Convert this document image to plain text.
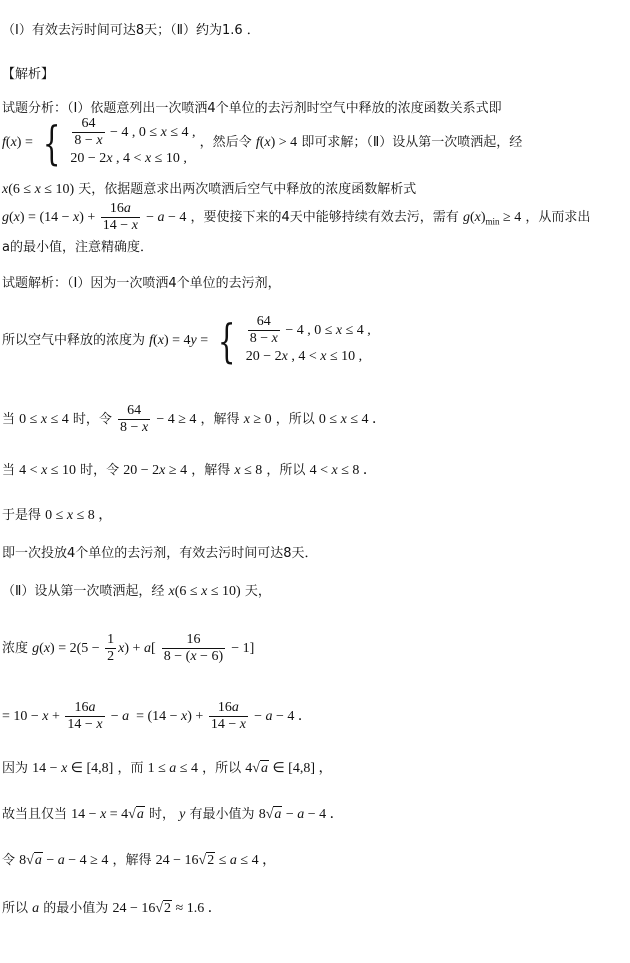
（Ⅰ）有效去污时间可达8天；（Ⅱ）约为1.6 ．
【解析】
试题分析：（Ⅰ）依题意列出一次喷洒4个单位的去污剂时空气中释放的浓度函数关系式即
f(x) = { $\frac{64}{8 - x} - 4$ , 0 ≤ x ≤ 4 ,
20 − 2x , 4 < x ≤ 10 ,
，然后令 f(x) > 4 即可求解；（Ⅱ）设从第一次喷洒起，经
x(6 ≤ x ≤ 10) 天，依据题意求出两次喷洒后空气中释放的浓度函数解析式
$g(x) = (14 - x) + \frac{16a}{14 - x} - a - 4$ ，要使接下来的4天中能够持续有效去污，需有 $g(x)_{min} \ge 4$ ，从而求出
a的最小值，注意精确度．
试题解析：（Ⅰ）因为一次喷洒4个单位的去污剂，
所以空气中释放的浓度为 f(x) = 4y = { $\frac{64}{8 - x} - 4$ , 0 ≤ x ≤ 4 ,
20 − 2x , 4 < x ≤ 10 ,
当 0 ≤ x ≤ 4 时，令 $\frac{64}{8 - x} - 4 \ge 4$ ，解得 x ≥ 0 ，所以 0 ≤ x ≤ 4 ．
当 4 < x ≤ 10 时，令 20 − 2x ≥ 4 ，解得 x ≤ 8 ，所以 4 < x ≤ 8 ．
于是得 0 ≤ x ≤ 8 ，
即一次投放4个单位的去污剂，有效去污时间可达8天．
（Ⅱ）设从第一次喷洒起，经 x(6 ≤ x ≤ 10) 天，
浓度 $g(x) = 2(5 - \frac{1}{2} x) + a[ \frac{16}{8 - (x - 6)} - 1]$
= $10 - x + \frac{16a}{14 - x} - a = (14 - x) + \frac{16a}{14 - x} - a - 4$ ．
因为 14 − x ∈ [4,8] ，而 1 ≤ a ≤ 4 ，所以 4√a ∈ [4,8] ，
故当且仅当 14 − x = 4√a 时， y 有最小值为 8√a − a − 4 ．
令 8√a − a − 4 ≥ 4 ，解得 24 − 16√2 ≤ a ≤ 4 ，
所以 a 的最小值为 24 − 16√2 ≈ 1.6 ．
